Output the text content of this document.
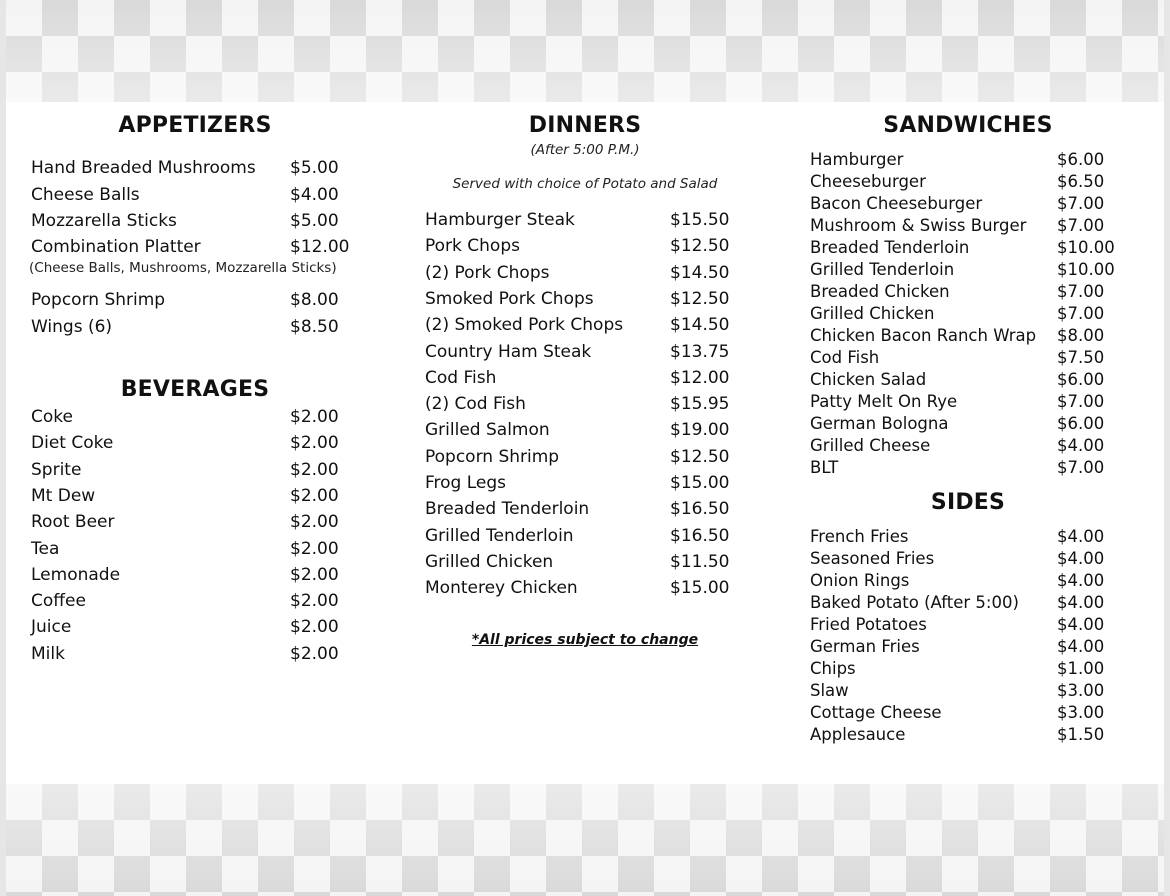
APPETIZERS
Hand Breaded Mushrooms $5.00
Cheese Balls	$4.00
Mozzarella Sticks	$5.00
Combination Platter	$12.00
Popcorn Shrimp	$8.00
Wings (6)	$8.50
(Cheese Balls, Mushrooms, Mozzarella Sticks)
BEVERAGES
Coke	$2.00
Diet Coke	$2.00
Sprite	$2.00
Mt Dew	$2.00
Root Beer	$2.00
Tea	$2.00
Lemonade	$2.00
Coffee	$2.00
Juice	$2.00
Milk	$2.00
DINNERS
(After 5:00 P.M.)
Served with choice of Potato and Salad
Hamburger Steak	$15.50
Pork Chops	$12.50
(2) Pork Chops	$14.50
Smoked Pork Chops	$12.50
(2) Smoked Pork Chops	$14.50
Country Ham Steak	$13.75
Cod Fish	$12.00
(2) Cod Fish	$15.95
Grilled Salmon	$19.00
Popcorn Shrimp	$12.50
Frog Legs	$15.00
Breaded Tenderloin	$16.50
Grilled Tenderloin	$16.50
Grilled Chicken	$11.50
Monterey Chicken	$15.00
*All prices subject to change
SANDWICHES
Hamburger	$6.00
Cheeseburger	$6.50
Bacon Cheeseburger	$7.00
Mushroom & Swiss Burger $7.00
Breaded Tenderloin	$10.00
Grilled Tenderloin	$10.00
Breaded Chicken	$7.00
Grilled Chicken	$7.00
Chicken Bacon Ranch Wrap $8.00
Cod Fish	$7.50
Chicken Salad	$6.00
Patty Melt On Rye	$7.00
German Bologna	$6.00
Grilled Cheese	$4.00
BLT	$7.00
SIDES
French Fries	$4.00
Seasoned Fries	$4.00
Onion Rings	$4.00
Baked Potato (After 5:00) $4.00
Fried Potatoes	$4.00
German Fries	$4.00
Chips	$1.00
Slaw	$3.00
Cottage Cheese	$3.00
Applesauce	$1.50
